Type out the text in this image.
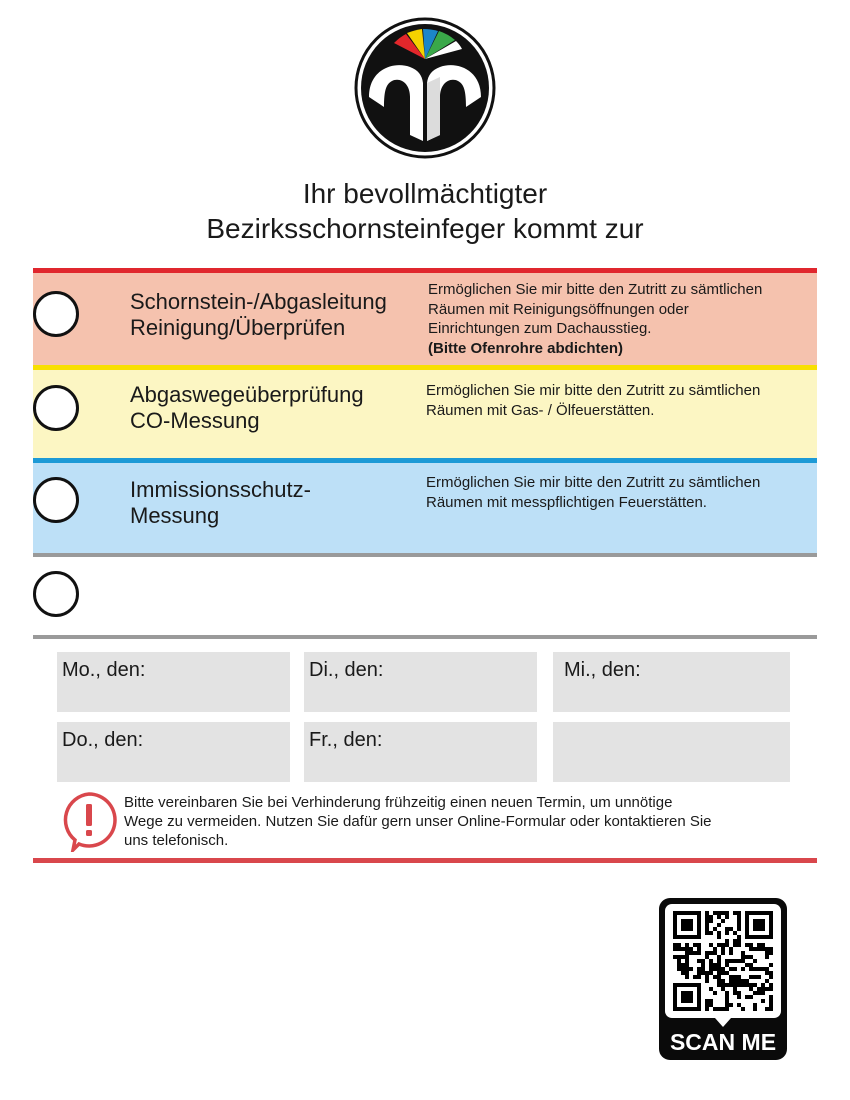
Ihr bevollmächtigter
Bezirksschornsteinfeger kommt zur
Schornstein-/Abgasleitung
Reinigung/Überprüfen
Ermöglichen Sie mir bitte den Zutritt zu sämtlichen
Räumen mit Reinigungsöffnungen oder
Einrichtungen zum Dachausstieg.
(Bitte Ofenrohre abdichten)
Abgaswegeüberprüfung
CO-Messung
Ermöglichen Sie mir bitte den Zutritt zu sämtlichen
Räumen mit Gas- / Ölfeuerstätten.
Immissionsschutz-
Messung
Ermöglichen Sie mir bitte den Zutritt zu sämtlichen
Räumen mit messpflichtigen Feuerstätten.
Mo., den:	Di., den:	Mi., den:
Do., den:	Fr., den:
Bitte vereinbaren Sie bei Verhinderung frühzeitig einen neuen Termin, um unnötige
Wege zu vermeiden. Nutzen Sie dafür gern unser Online-Formular oder kontaktieren Sie
uns telefonisch.
SCAN ME
